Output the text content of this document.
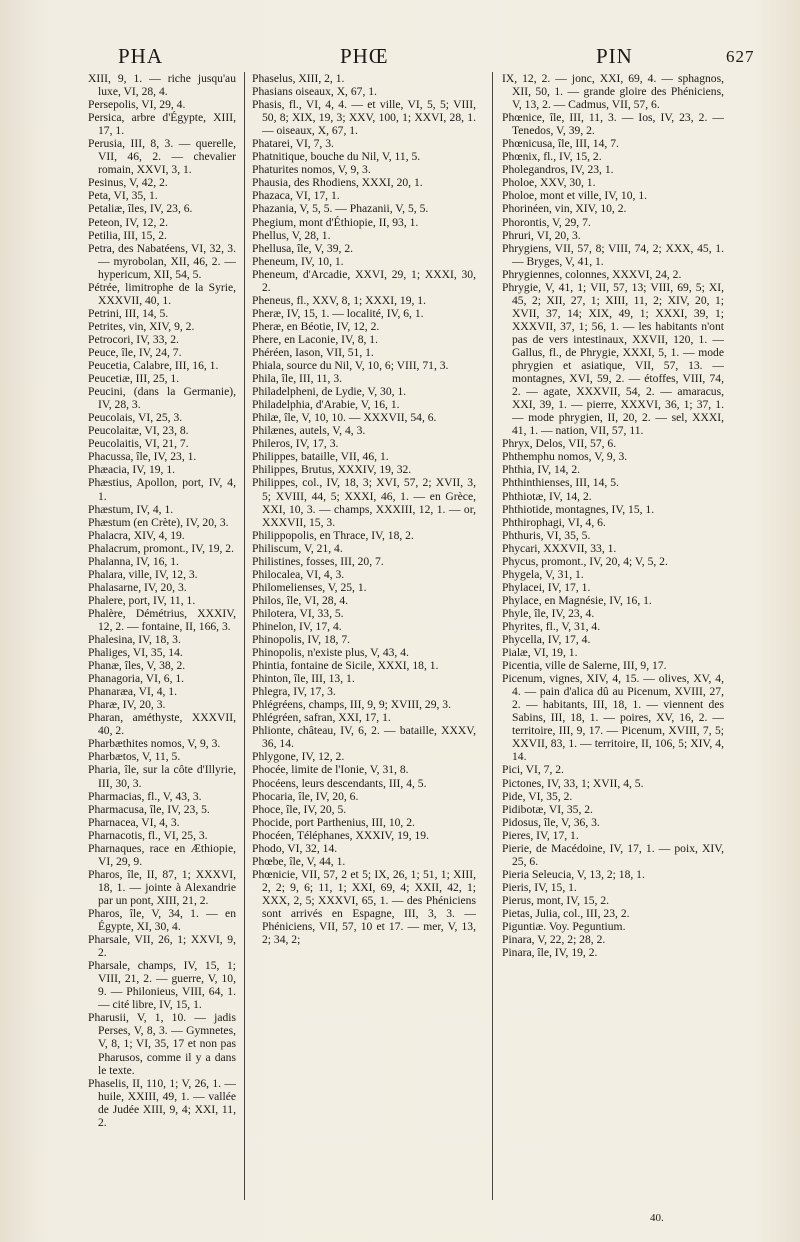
PHA	PHŒ	PIN	627
XIII, 9, 1. — riche jusqu'au luxe, VI, 28, 4.
Persepolis, VI, 29, 4.
Persica, arbre d'Égypte, XIII, 17, 1.
Perusia, III, 8, 3. — querelle, VII, 46, 2. — chevalier romain, XXVI, 3, 1.
Pesinus, V, 42, 2.
Peta, VI, 35, 1.
Petaliæ, îles, IV, 23, 6.
Peteon, IV, 12, 2.
Petilia, III, 15, 2.
Petra, des Nabatéens, VI, 32, 3. — myrobolan, XII, 46, 2. — hypericum, XII, 54, 5.
Pétrée, limitrophe de la Syrie, XXXVII, 40, 1.
Petrini, III, 14, 5.
Petrites, vin, XIV, 9, 2.
Petrocori, IV, 33, 2.
Peuce, île, IV, 24, 7.
Peucetia, Calabre, III, 16, 1.
Peucetiæ, III, 25, 1.
Peucini, (dans la Germanie), IV, 28, 3.
Peucolais, VI, 25, 3.
Peucolaitæ, VI, 23, 8.
Peucolaitis, VI, 21, 7.
Phacussa, île, IV, 23, 1.
Phæacia, IV, 19, 1.
Phæstius, Apollon, port, IV, 4, 1.
Phæstum, IV, 4, 1.
Phæstum (en Crète), IV, 20, 3.
Phalacra, XIV, 4, 19.
Phalacrum, promont., IV, 19, 2.
Phalanna, IV, 16, 1.
Phalara, ville, IV, 12, 3.
Phalasarne, IV, 20, 3.
Phalere, port, IV, 11, 1.
Phalère, Démétrius, XXXIV, 12, 2. — fontaine, II, 166, 3.
Phalesina, IV, 18, 3.
Phaliges, VI, 35, 14.
Phanæ, îles, V, 38, 2.
Phanagoria, VI, 6, 1.
Phanaræa, VI, 4, 1.
Pharæ, IV, 20, 3.
Pharan, améthyste, XXXVII, 40, 2.
Pharbæthites nomos, V, 9, 3.
Pharbætos, V, 11, 5.
Pharia, île, sur la côte d'Illyrie, III, 30, 3.
Pharmacias, fl., V, 43, 3.
Pharmacusa, île, IV, 23, 5.
Pharnacea, VI, 4, 3.
Pharnacotis, fl., VI, 25, 3.
Pharnaques, race en Æthiopie, VI, 29, 9.
Pharos, île, II, 87, 1; XXXVI, 18, 1. — jointe à Alexandrie par un pont, XIII, 21, 2.
Pharos, île, V, 34, 1. — en Égypte, XI, 30, 4.
Pharsale, VII, 26, 1; XXVI, 9, 2.
Pharsale, champs, IV, 15, 1; VIII, 21, 2. — guerre, V, 10, 9. — Philonieus, VIII, 64, 1. — cité libre, IV, 15, 1.
Pharusii, V, 1, 10. — jadis Perses, V, 8, 3. — Gymnetes, V, 8, 1; VI, 35, 17 et non pas Pharusos, comme il y a dans le texte.
Phaselis, II, 110, 1; V, 26, 1. — huile, XXIII, 49, 1. — vallée de Judée XIII, 9, 4; XXI, 11, 2.
Phaselus, XIII, 2, 1.
Phasians oiseaux, X, 67, 1.
Phasis, fl., VI, 4, 4. — et ville, VI, 5, 5; VIII, 50, 8; XIX, 19, 3; XXV, 100, 1; XXVI, 28, 1. — oiseaux, X, 67, 1.
Phatarei, VI, 7, 3.
Phatnitique, bouche du Nil, V, 11, 5.
Phaturites nomos, V, 9, 3.
Phausia, des Rhodiens, XXXI, 20, 1.
Phazaca, VI, 17, 1.
Phazania, V, 5, 5. — Phazanii, V, 5, 5.
Phegium, mont d'Éthiopie, II, 93, 1.
Phellus, V, 28, 1.
Phellusa, île, V, 39, 2.
Pheneum, IV, 10, 1.
Pheneum, d'Arcadie, XXVI, 29, 1; XXXI, 30, 2.
Pheneus, fl., XXV, 8, 1; XXXI, 19, 1.
Pheræ, IV, 15, 1. — localité, IV, 6, 1.
Pheræ, en Béotie, IV, 12, 2.
Phere, en Laconie, IV, 8, 1.
Phéréen, Iason, VII, 51, 1.
Phiala, source du Nil, V, 10, 6; VIII, 71, 3.
Phila, île, III, 11, 3.
Philadelpheni, de Lydie, V, 30, 1.
Philadelphia, d'Arabie, V, 16, 1.
Philæ, île, V, 10, 10. — XXXVII, 54, 6.
Philænes, autels, V, 4, 3.
Phileros, IV, 17, 3.
Philippes, bataille, VII, 46, 1.
Philippes, Brutus, XXXIV, 19, 32.
Philippes, col., IV, 18, 3; XVI, 57, 2; XVII, 3, 5; XVIII, 44, 5; XXXI, 46, 1. — en Grèce, XXI, 10, 3. — champs, XXXIII, 12, 1. — or, XXXVII, 15, 3.
Philippopolis, en Thrace, IV, 18, 2.
Philiscum, V, 21, 4.
Philistines, fosses, III, 20, 7.
Philocalea, VI, 4, 3.
Philomelienses, V, 25, 1.
Philos, île, VI, 28, 4.
Philotera, VI, 33, 5.
Phinelon, IV, 17, 4.
Phinopolis, IV, 18, 7.
Phinopolis, n'existe plus, V, 43, 4.
Phintia, fontaine de Sicile, XXXI, 18, 1.
Phinton, île, III, 13, 1.
Phlegra, IV, 17, 3.
Phlégréens, champs, III, 9, 9; XVIII, 29, 3.
Phlégréen, safran, XXI, 17, 1.
Phlionte, château, IV, 6, 2. — bataille, XXXV, 36, 14.
Phlygone, IV, 12, 2.
Phocée, limite de l'Ionie, V, 31, 8.
Phocéens, leurs descendants, III, 4, 5.
Phocaria, île, IV, 20, 6.
Phoce, île, IV, 20, 5.
Phocide, port Parthenius, III, 10, 2.
Phocéen, Téléphanes, XXXIV, 19, 19.
Phodo, VI, 32, 14.
Phœbe, île, V, 44, 1.
Phœnicie, VII, 57, 2 et 5; IX, 26, 1; 51, 1; XIII, 2, 2; 9, 6; 11, 1; XXI, 69, 4; XXII, 42, 1; XXX, 2, 5; XXXVI, 65, 1. — des Phéniciens sont arrivés en Espagne, III, 3, 3. — Phéniciens, VII, 57, 10 et 17. — mer, V, 13, 2; 34, 2;
IX, 12, 2. — jonc, XXI, 69, 4. — sphagnos, XII, 50, 1. — grande gloire des Phéniciens, V, 13, 2. — Cadmus, VII, 57, 6.
Phœnice, île, III, 11, 3. — Ios, IV, 23, 2. — Tenedos, V, 39, 2.
Phœnicusa, île, III, 14, 7.
Phœnix, fl., IV, 15, 2.
Pholegandros, IV, 23, 1.
Pholoe, XXV, 30, 1.
Pholoe, mont et ville, IV, 10, 1.
Phorinéen, vin, XIV, 10, 2.
Phorontis, V, 29, 7.
Phruri, VI, 20, 3.
Phrygiens, VII, 57, 8; VIII, 74, 2; XXX, 45, 1. — Bryges, V, 41, 1.
Phrygiennes, colonnes, XXXVI, 24, 2.
Phrygie, V, 41, 1; VII, 57, 13; VIII, 69, 5; XI, 45, 2; XII, 27, 1; XIII, 11, 2; XIV, 20, 1; XVII, 37, 14; XIX, 49, 1; XXXI, 39, 1; XXXVII, 37, 1; 56, 1. — les habitants n'ont pas de vers intestinaux, XXVII, 120, 1. — Gallus, fl., de Phrygie, XXXI, 5, 1. — mode phrygien et asiatique, VII, 57, 13. — montagnes, XVI, 59, 2. — étoffes, VIII, 74, 2. — agate, XXXVII, 54, 2. — amaracus, XXI, 39, 1. — pierre, XXXVI, 36, 1; 37, 1. — mode phrygien, II, 20, 2. — sel, XXXI, 41, 1. — nation, VII, 57, 11.
Phryx, Delos, VII, 57, 6.
Phthemphu nomos, V, 9, 3.
Phthia, IV, 14, 2.
Phthinthienses, III, 14, 5.
Phthiotæ, IV, 14, 2.
Phthiotide, montagnes, IV, 15, 1.
Phthirophagi, VI, 4, 6.
Phthuris, VI, 35, 5.
Phycari, XXXVII, 33, 1.
Phycus, promont., IV, 20, 4; V, 5, 2.
Phygela, V, 31, 1.
Phylacei, IV, 17, 1.
Phylace, en Magnésie, IV, 16, 1.
Phyle, île, IV, 23, 4.
Phyrites, fl., V, 31, 4.
Phycella, IV, 17, 4.
Pialæ, VI, 19, 1.
Picentia, ville de Salerne, III, 9, 17.
Picenum, vignes, XIV, 4, 15. — olives, XV, 4, 4. — pain d'alica dû au Picenum, XVIII, 27, 2. — habitants, III, 18, 1. — viennent des Sabins, III, 18, 1. — poires, XV, 16, 2. — territoire, III, 9, 17. — Picenum, XVIII, 7, 5; XXVII, 83, 1. — territoire, II, 106, 5; XIV, 4, 14.
Pici, VI, 7, 2.
Pictones, IV, 33, 1; XVII, 4, 5.
Pide, VI, 35, 2.
Pidibotæ, VI, 35, 2.
Pidosus, île, V, 36, 3.
Pieres, IV, 17, 1.
Pierie, de Macédoine, IV, 17, 1. — poix, XIV, 25, 6.
Pieria Seleucia, V, 13, 2; 18, 1.
Pieris, IV, 15, 1.
Pierus, mont, IV, 15, 2.
Pietas, Julia, col., III, 23, 2.
Piguntiæ. Voy. Peguntium.
Pinara, V, 22, 2; 28, 2.
Pinara, île, IV, 19, 2.
40.
